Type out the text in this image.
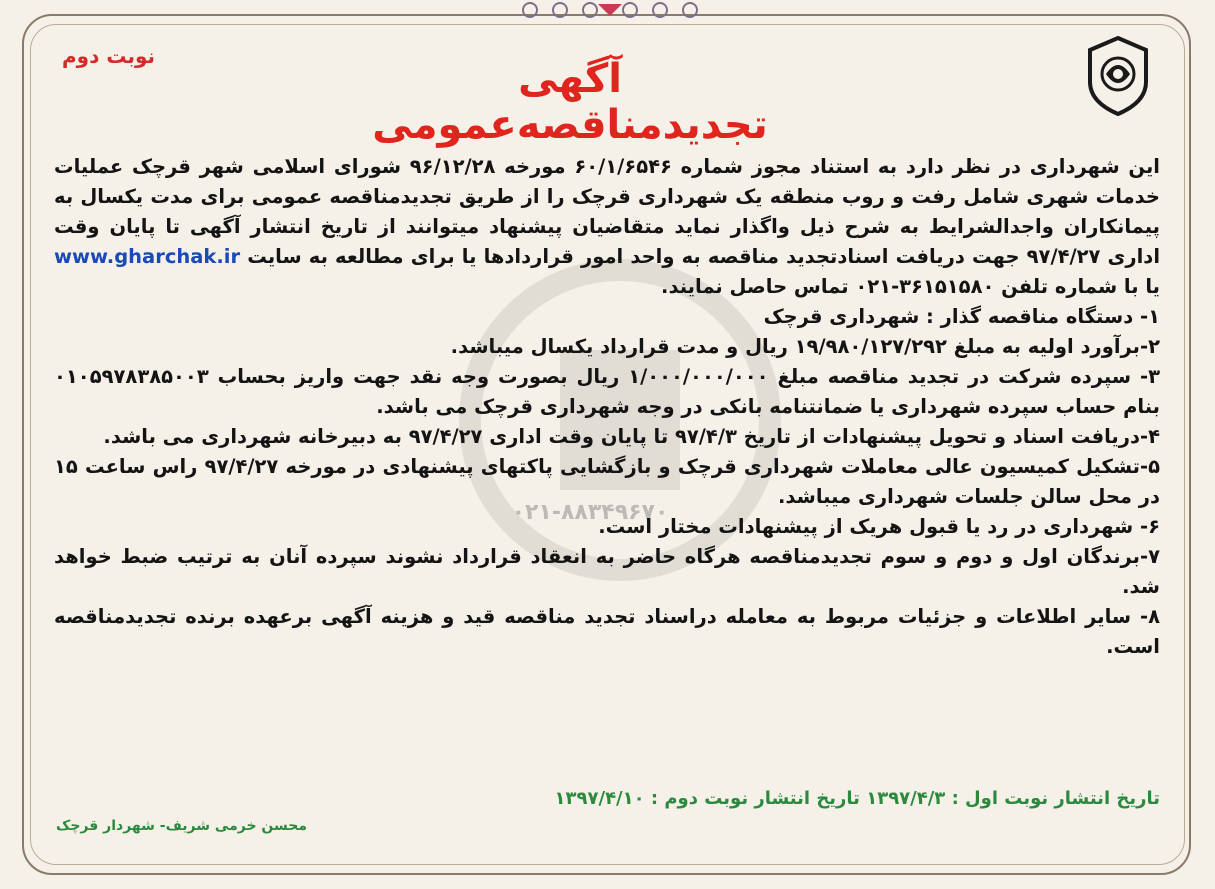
نوبت دوم	آگهی تجدیدمناقصه‌عمومی
۰۲۱-۸۸۳۴۹۶۷۰

این شهرداری در نظر دارد به استناد مجوز شماره ۶۰/۱/۶۵۴۶ مورخه ۹۶/۱۲/۲۸ شورای اسلامی شهر قرچک عملیات خدمات شهری شامل رفت و روب منطقه یک شهرداری قرچک را از طریق تجدیدمناقصه عمومی برای مدت یکسال به پیمانکاران واجدالشرایط به شرح ذیل واگذار نماید متقاضیان پیشنهاد میتوانند از تاریخ انتشار آگهی تا پایان وقت اداری ۹۷/۴/۲۷ جهت دریافت اسنادتجدید مناقصه به واحد امور قراردادها یا برای مطالعه به سایت www.gharchak.ir یا با شماره تلفن ۳۶۱۵۱۵۸۰-۰۲۱ تماس حاصل نمایند.

۱- دستگاه مناقصه گذار : شهرداری قرچک

۲-برآورد اولیه به مبلغ ۱۹/۹۸۰/۱۲۷/۲۹۲ ریال و مدت قرارداد یکسال میباشد.

۳- سپرده شرکت در تجدید مناقصه مبلغ ۱/۰۰۰/۰۰۰/۰۰۰ ریال بصورت وجه نقد جهت واریز بحساب ۰۱۰۵۹۷۸۳۸۵۰۰۳ بنام حساب سپرده شهرداری یا ضمانتنامه بانکی در وجه شهرداری قرچک می باشد.

۴-دریافت اسناد و تحویل پیشنهادات از تاریخ ۹۷/۴/۳ تا پایان وقت اداری ۹۷/۴/۲۷ به دبیرخانه شهرداری می باشد.

۵-تشکیل کمیسیون عالی معاملات شهرداری قرچک و بازگشایی پاکتهای پیشنهادی در مورخه ۹۷/۴/۲۷ راس ساعت ۱۵ در محل سالن جلسات شهرداری میباشد.

۶- شهرداری در رد یا قبول هریک از پیشنهادات مختار است.

۷-برندگان اول و دوم و سوم تجدیدمناقصه هرگاه حاضر به انعقاد قرارداد نشوند سپرده آنان به ترتیب ضبط خواهد شد.

۸- سایر اطلاعات و جزئیات مربوط به معامله دراسناد تجدید مناقصه قید و هزینه آگهی برعهده برنده تجدیدمناقصه است.

تاریخ انتشار نوبت اول : ۱۳۹۷/۴/۳ تاریخ انتشار نوبت دوم : ۱۳۹۷/۴/۱۰
محسن خرمی شریف- شهردار قرچک
